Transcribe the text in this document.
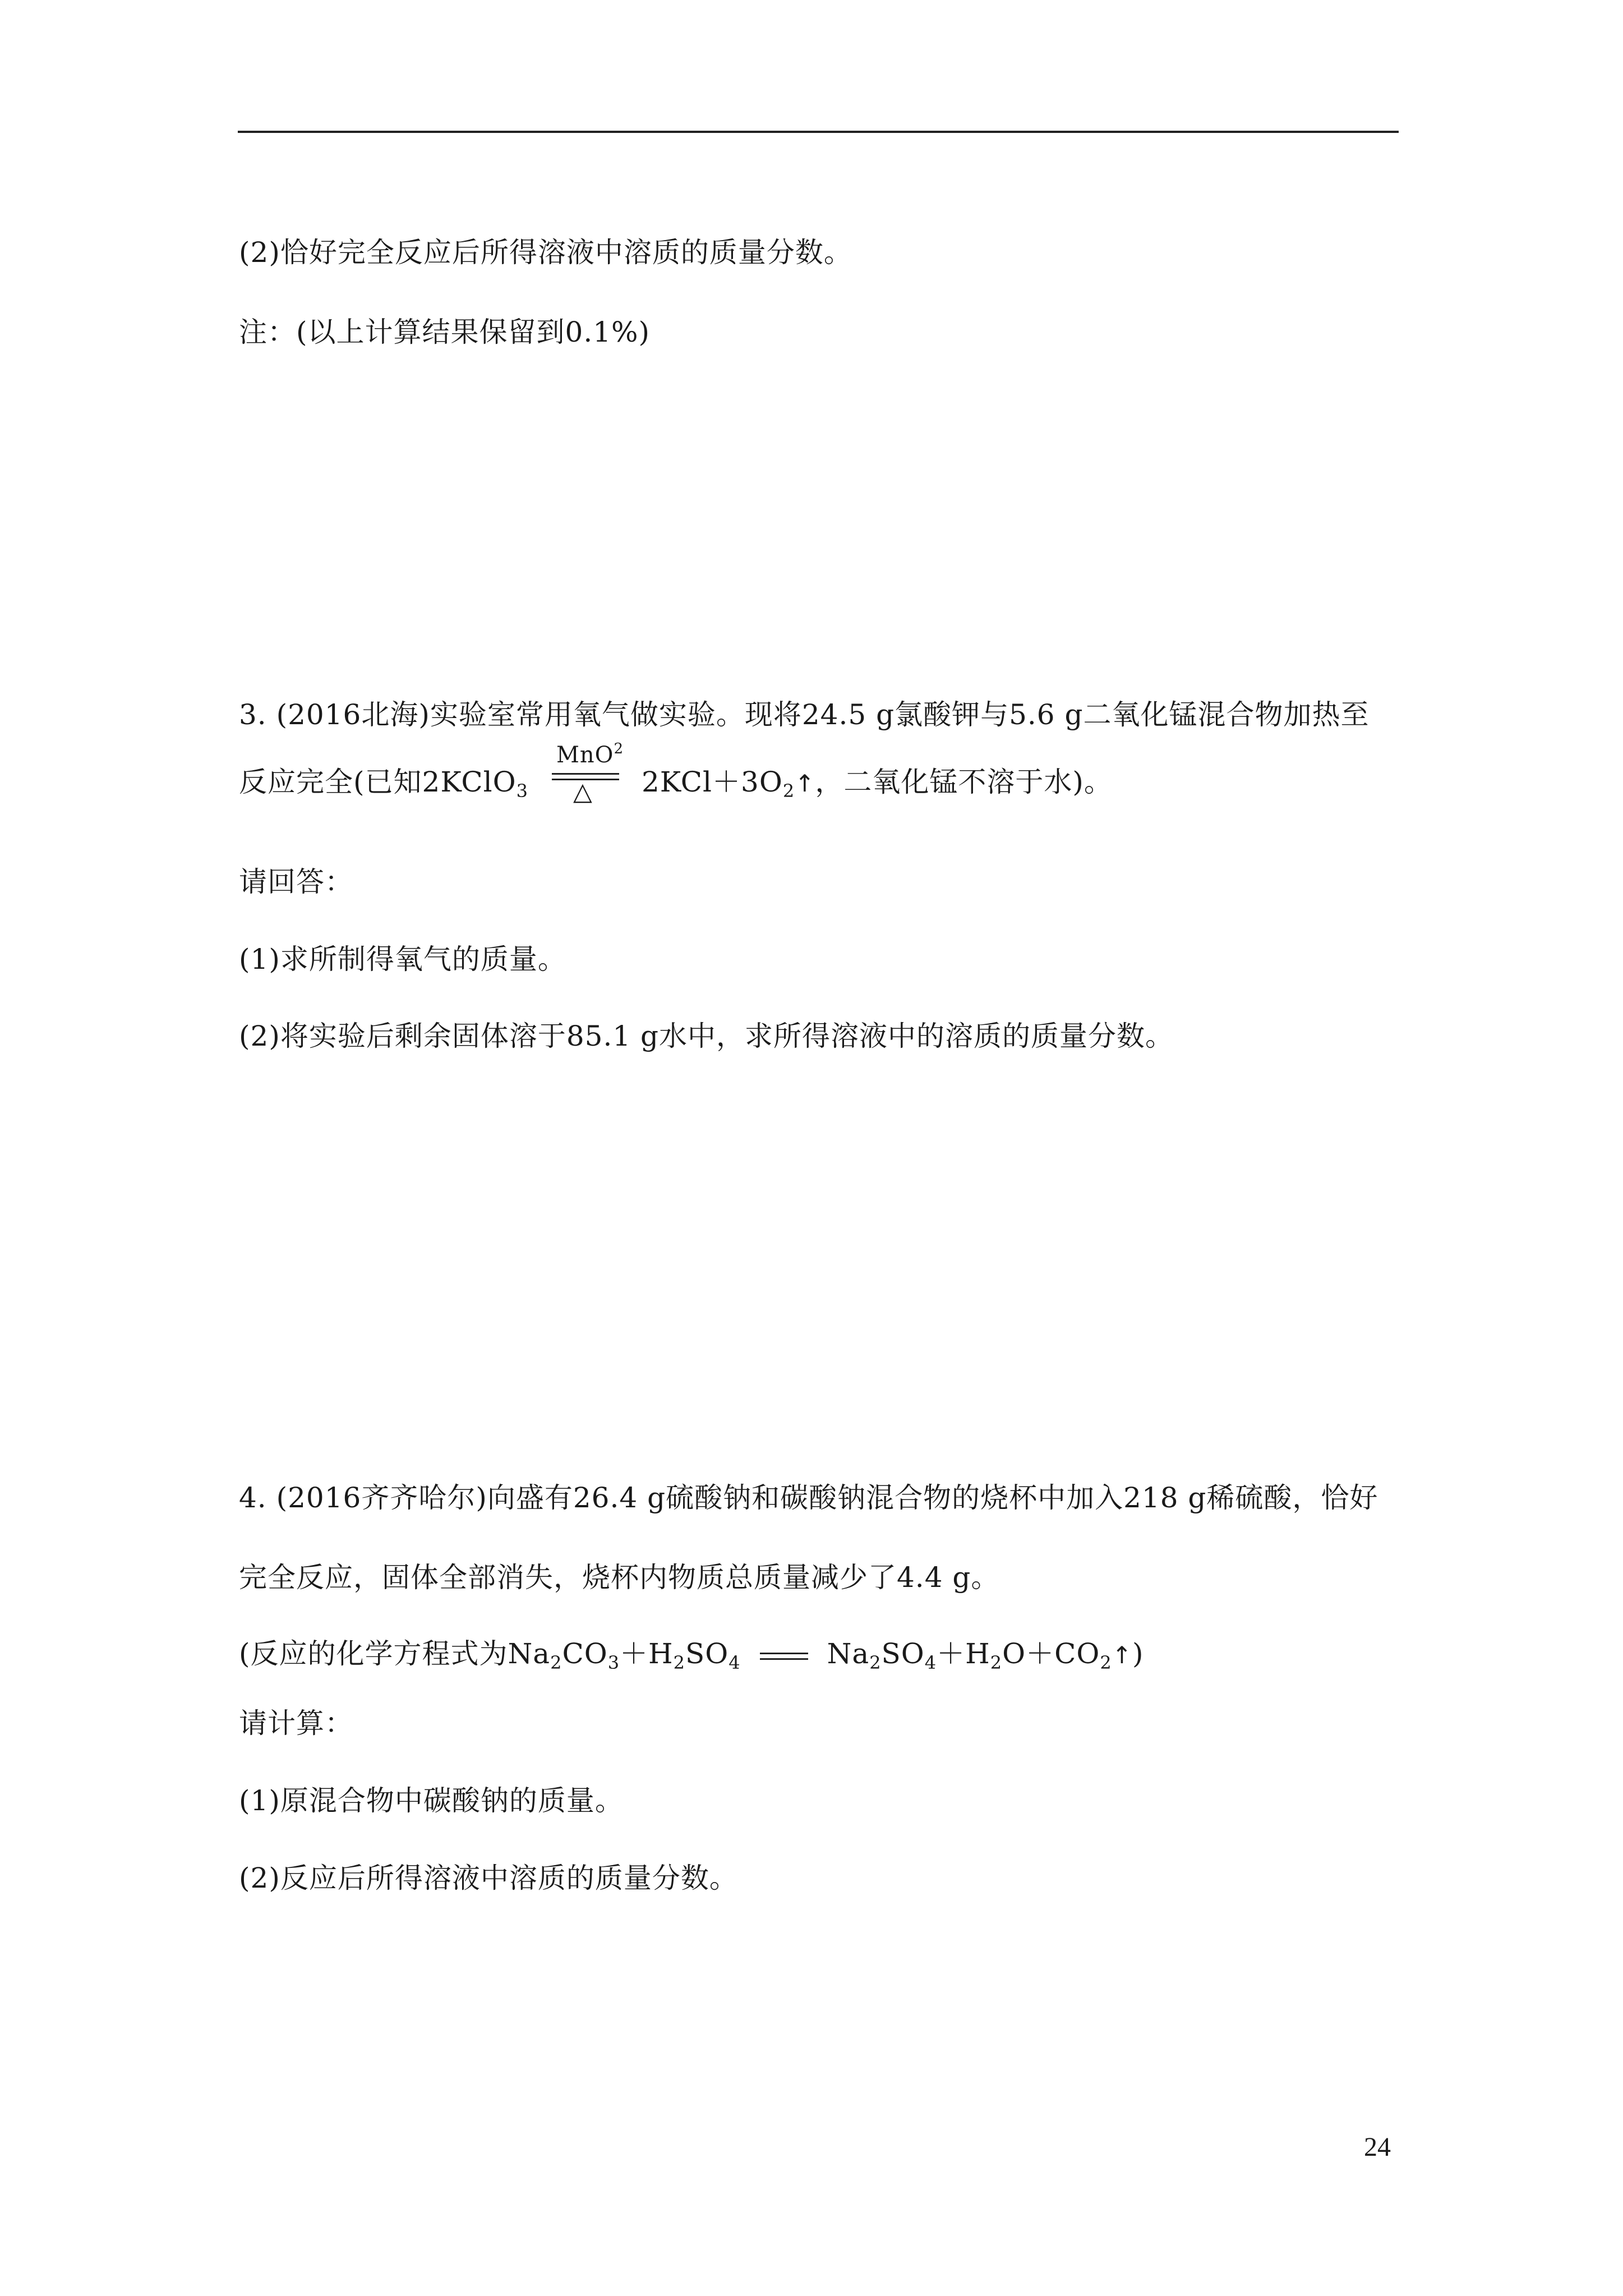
(2)恰好完全反应后所得溶液中溶质的质量分数。
注：(以上计算结果保留到0.1%)
3. (2016北海)实验室常用氧气做实验。现将24.5 g氯酸钾与5.6 g二氧化锰混合物加热至
反应完全(已知2KClO$_3$
MnO$^2$
△ $2KCl+3O_2↑$，二氧化锰不溶于水)。
请回答：
(1)求所制得氧气的质量。
(2)将实验后剩余固体溶于85.1 g水中，求所得溶液中的溶质的质量分数。
4. (2016齐齐哈尔)向盛有26.4 g硫酸钠和碳酸钠混合物的烧杯中加入218 g稀硫酸，恰好
完全反应，固体全部消失，烧杯内物质总质量减少了4.4 g。
(反应的化学方程式为$Na_2CO_3+H_2SO_4$	$Na_2SO_4+H_2O+CO_2↑$)
请计算：
(1)原混合物中碳酸钠的质量。
(2)反应后所得溶液中溶质的质量分数。
24
